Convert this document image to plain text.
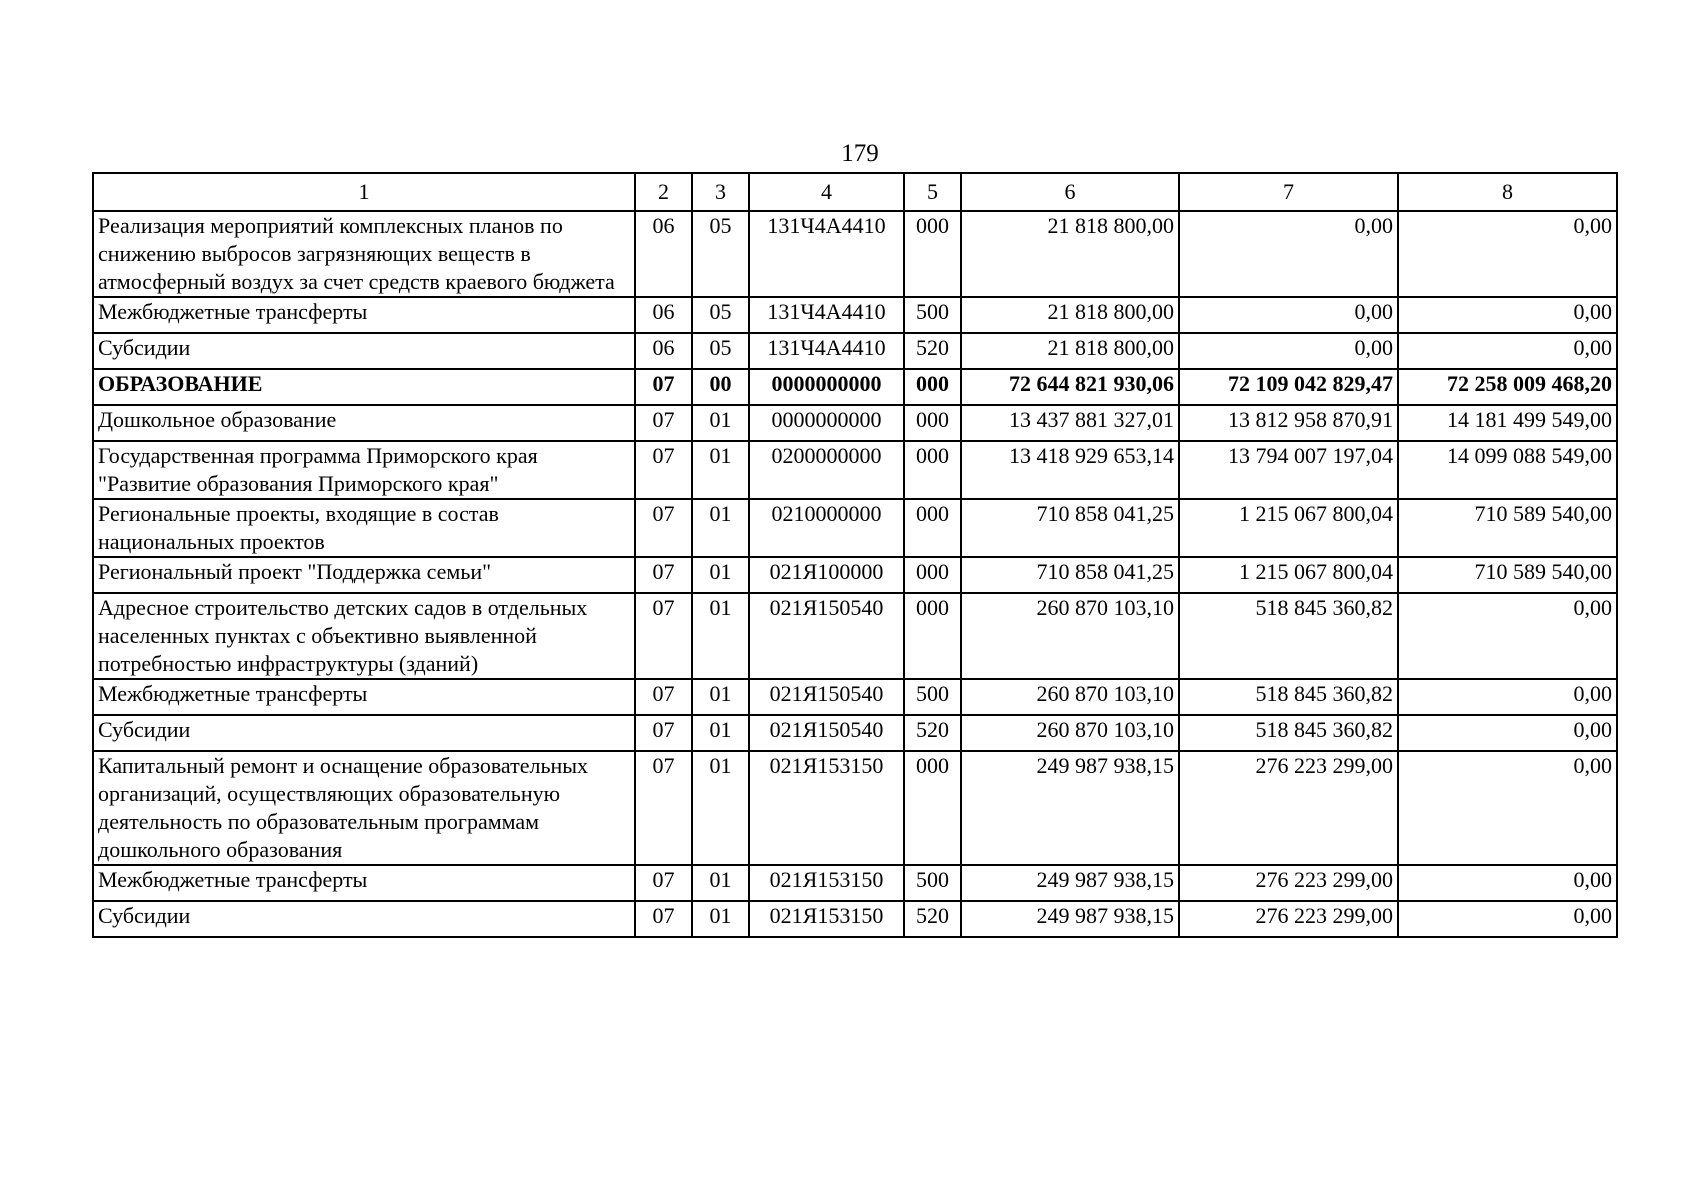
179
1	2	3	4	5	6	7	8
Реализация мероприятий комплексных планов по снижению выбросов загрязняющих веществ в атмосферный воздух за счет средств краевого бюджета	06	05	131Ч4А4410	000	21 818 800,00	0,00	0,00
Межбюджетные трансферты	06	05	131Ч4А4410	500	21 818 800,00	0,00	0,00
Субсидии	06	05	131Ч4А4410	520	21 818 800,00	0,00	0,00
ОБРАЗОВАНИЕ	07	00	0000000000	000	72 644 821 930,06	72 109 042 829,47	72 258 009 468,20
Дошкольное образование	07	01	0000000000	000	13 437 881 327,01	13 812 958 870,91	14 181 499 549,00
Государственная программа Приморского края "Развитие образования Приморского края"	07	01	0200000000	000	13 418 929 653,14	13 794 007 197,04	14 099 088 549,00
Региональные проекты, входящие в состав национальных проектов	07	01	0210000000	000	710 858 041,25	1 215 067 800,04	710 589 540,00
Региональный проект "Поддержка семьи"	07	01	021Я100000	000	710 858 041,25	1 215 067 800,04	710 589 540,00
Адресное строительство детских садов в отдельных населенных пунктах с объективно выявленной потребностью инфраструктуры (зданий)	07	01	021Я150540	000	260 870 103,10	518 845 360,82	0,00
Межбюджетные трансферты	07	01	021Я150540	500	260 870 103,10	518 845 360,82	0,00
Субсидии	07	01	021Я150540	520	260 870 103,10	518 845 360,82	0,00
Капитальный ремонт и оснащение образовательных организаций, осуществляющих образовательную деятельность по образовательным программам дошкольного образования	07	01	021Я153150	000	249 987 938,15	276 223 299,00	0,00
Межбюджетные трансферты	07	01	021Я153150	500	249 987 938,15	276 223 299,00	0,00
Субсидии	07	01	021Я153150	520	249 987 938,15	276 223 299,00	0,00
